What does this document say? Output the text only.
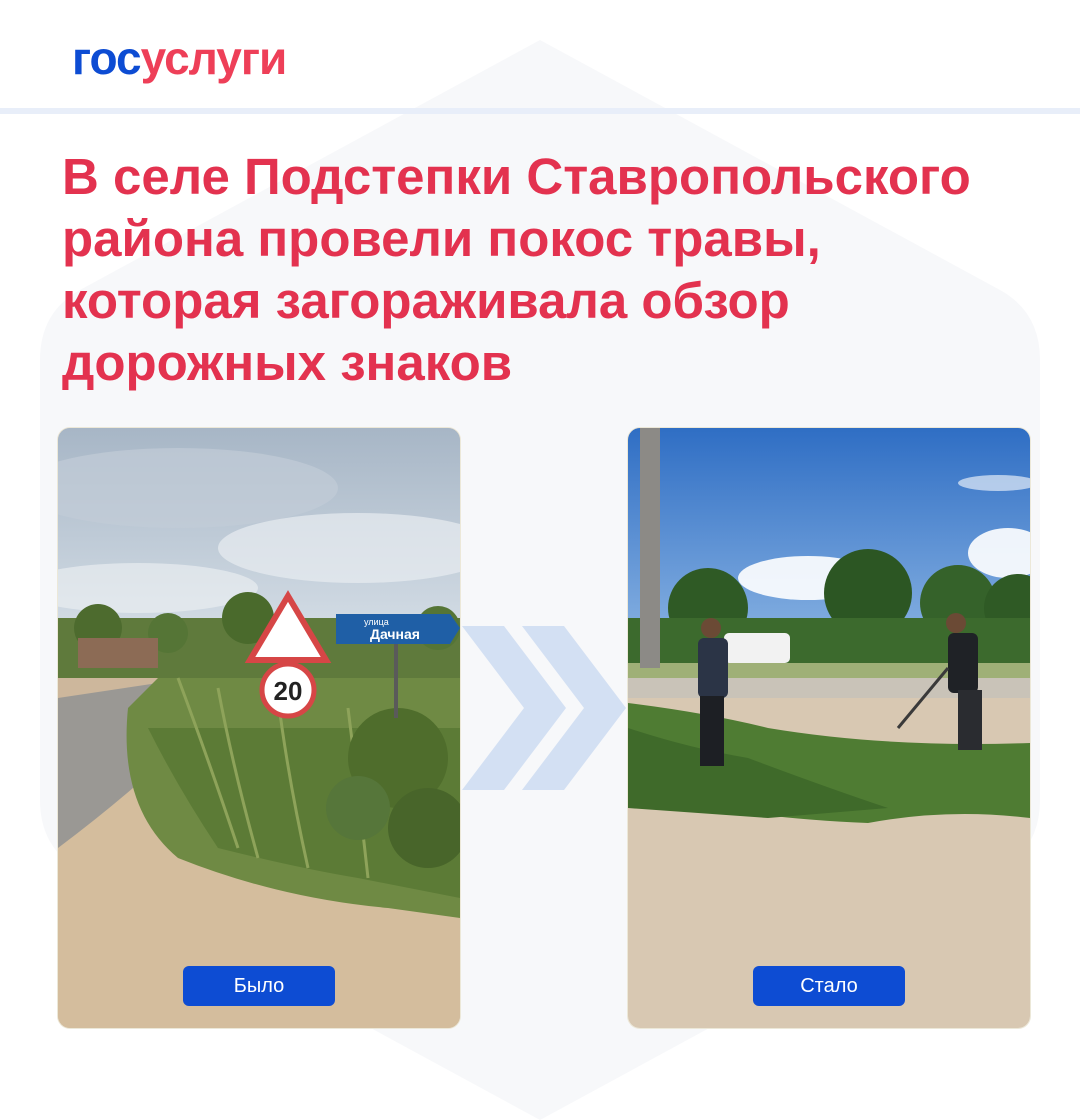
госуслуги
В селе Подстепки Ставропольского района провели покос травы, которая загораживала обзор дорожных знаков
20
улица
Дачная
Было	Стало
